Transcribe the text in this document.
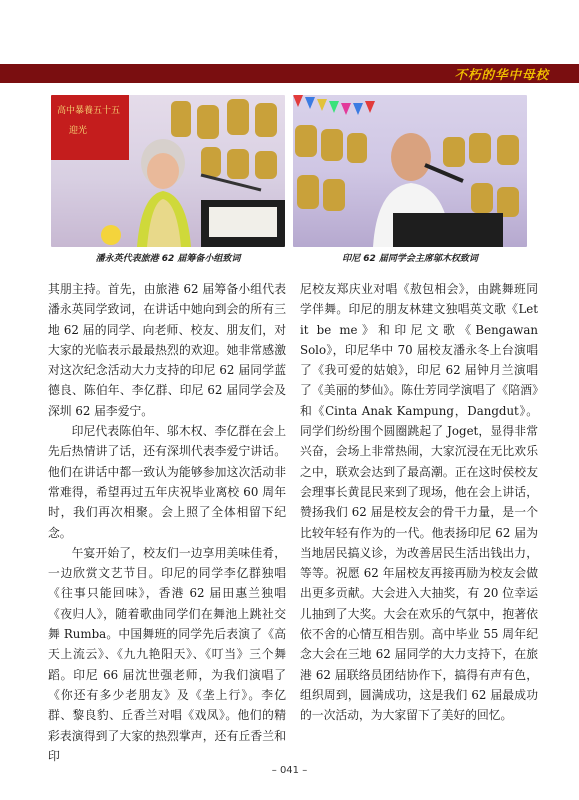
不朽的华中母校
高中暴養五十五
迎光
潘永英代表旅港 62 届筹备小组致词	印尼 62 届同学会主席邬木权致词

其朋主持。首先，由旅港 62 届筹备小组代表潘永英同学致词，在讲话中她向到会的所有三地 62 届的同学、向老师、校友、朋友们，对大家的光临表示最最热烈的欢迎。她非常感激对这次纪念活动大力支持的印尼 62 届同学蓝德良、陈伯年、李亿群、印尼 62 届同学会及深圳 62 届李爱宁。

印尼代表陈伯年、邬木权、李亿群在会上先后热情讲了话，还有深圳代表李爱宁讲话。他们在讲话中都一致认为能够参加这次活动非常难得，希望再过五年庆祝毕业离校 60 周年时，我们再次相聚。会上照了全体相留下纪念。

午宴开始了，校友们一边享用美味佳肴，一边欣赏文艺节目。印尼的同学李亿群独唱《往事只能回味》，香港 62 届田惠兰独唱《夜归人》，随着歌曲同学们在舞池上跳社交舞 Rumba。中国舞班的同学先后表演了《高天上流云》、《九九艳阳天》、《叮当》三个舞蹈。印尼 66 届沈世强老师，为我们演唱了《你还有多少老朋友》及《垄上行》。李亿群、黎良豹、丘香兰对唱《戏凤》。他们的精彩表演得到了大家的热烈掌声，还有丘香兰和印

尼校友郑庆业对唱《敖包相会》，由跳舞班同学伴舞。印尼的朋友林建文独唱英文歌《Let it be me》和印尼文歌《Bengawan Solo》，印尼华中 70 届校友潘永冬上台演唱了《我可爱的姑娘》，印尼 62 届钟月兰演唱了《美丽的梦仙》。陈仕芳同学演唱了《陪酒》和《Cinta Anak Kampung，Dangdut》。同学们纷纷围个圆圈跳起了 Joget，显得非常兴奋，会场上非常热闹，大家沉浸在无比欢乐之中，联欢会达到了最高潮。正在这时侯校友会理事长黄昆民来到了现场，他在会上讲话，赞扬我们 62 届是校友会的骨干力量，是一个比较年轻有作为的一代。他表扬印尼 62 届为当地居民搞义诊，为改善居民生活出钱出力，等等。祝愿 62 年届校友再接再励为校友会做出更多贡献。大会进入大抽奖，有 20 位幸运儿抽到了大奖。大会在欢乐的气氛中，抱著依依不舍的心情互相告别。高中毕业 55 周年纪念大会在三地 62 届同学的大力支持下，在旅港 62 届联络员团结协作下，搞得有声有色，组织周到，圆满成功，这是我们 62 届最成功的一次活动，为大家留下了美好的回忆。

– 041 –
